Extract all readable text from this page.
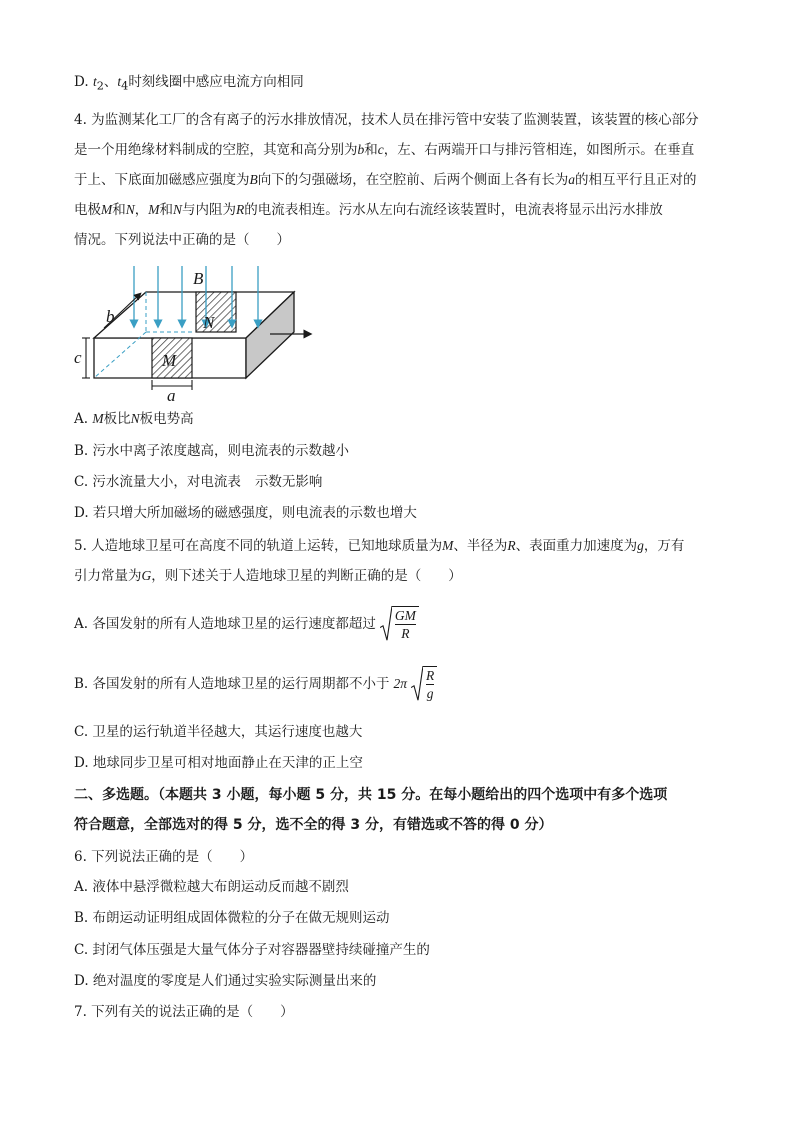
D. $t_2$、$t_4$时刻线圈中感应电流方向相同
4. 为监测某化工厂的含有离子的污水排放情况，技术人员在排污管中安装了监测装置，该装置的核心部分
是一个用绝缘材料制成的空腔，其宽和高分别为b和c，左、右两端开口与排污管相连，如图所示。在垂直
于上、下底面加磁感应强度为B向下的匀强磁场，在空腔前、后两个侧面上各有长为a的相互平行且正对的
电极M和N，M和N与内阻为R的电流表相连。污水从左向右流经该装置时，电流表将显示出污水排放
情况。下列说法中正确的是（　　）
B
N
M
b
c
a
A. M板比N板电势高
B. 污水中离子浓度越高，则电流表的示数越小
C. 污水流量大小，对电流表 示数无影响
D. 若只增大所加磁场的磁感强度，则电流表的示数也增大
5. 人造地球卫星可在高度不同的轨道上运转，已知地球质量为M、半径为R、表面重力加速度为g，万有
引力常量为G，则下述关于人造地球卫星的判断正确的是（　　）
A. 各国发射的所有人造地球卫星的运行速度都超过 $\frac{GM}{R}$
B. 各国发射的所有人造地球卫星的运行周期都不小于 $2\pi \frac{R}{g}$
C. 卫星的运行轨道半径越大，其运行速度也越大
D. 地球同步卫星可相对地面静止在天津的正上空
二、多选题。（本题共 3 小题，每小题 5 分，共 15 分。在每小题给出的四个选项中有多个选项
符合题意，全部选对的得 5 分，选不全的得 3 分，有错选或不答的得 0 分）
6. 下列说法正确的是（　　）
A. 液体中悬浮微粒越大布朗运动反而越不剧烈
B. 布朗运动证明组成固体微粒的分子在做无规则运动
C. 封闭气体压强是大量气体分子对容器器壁持续碰撞产生的
D. 绝对温度的零度是人们通过实验实际测量出来的
7. 下列有关的说法正确的是（　　）
